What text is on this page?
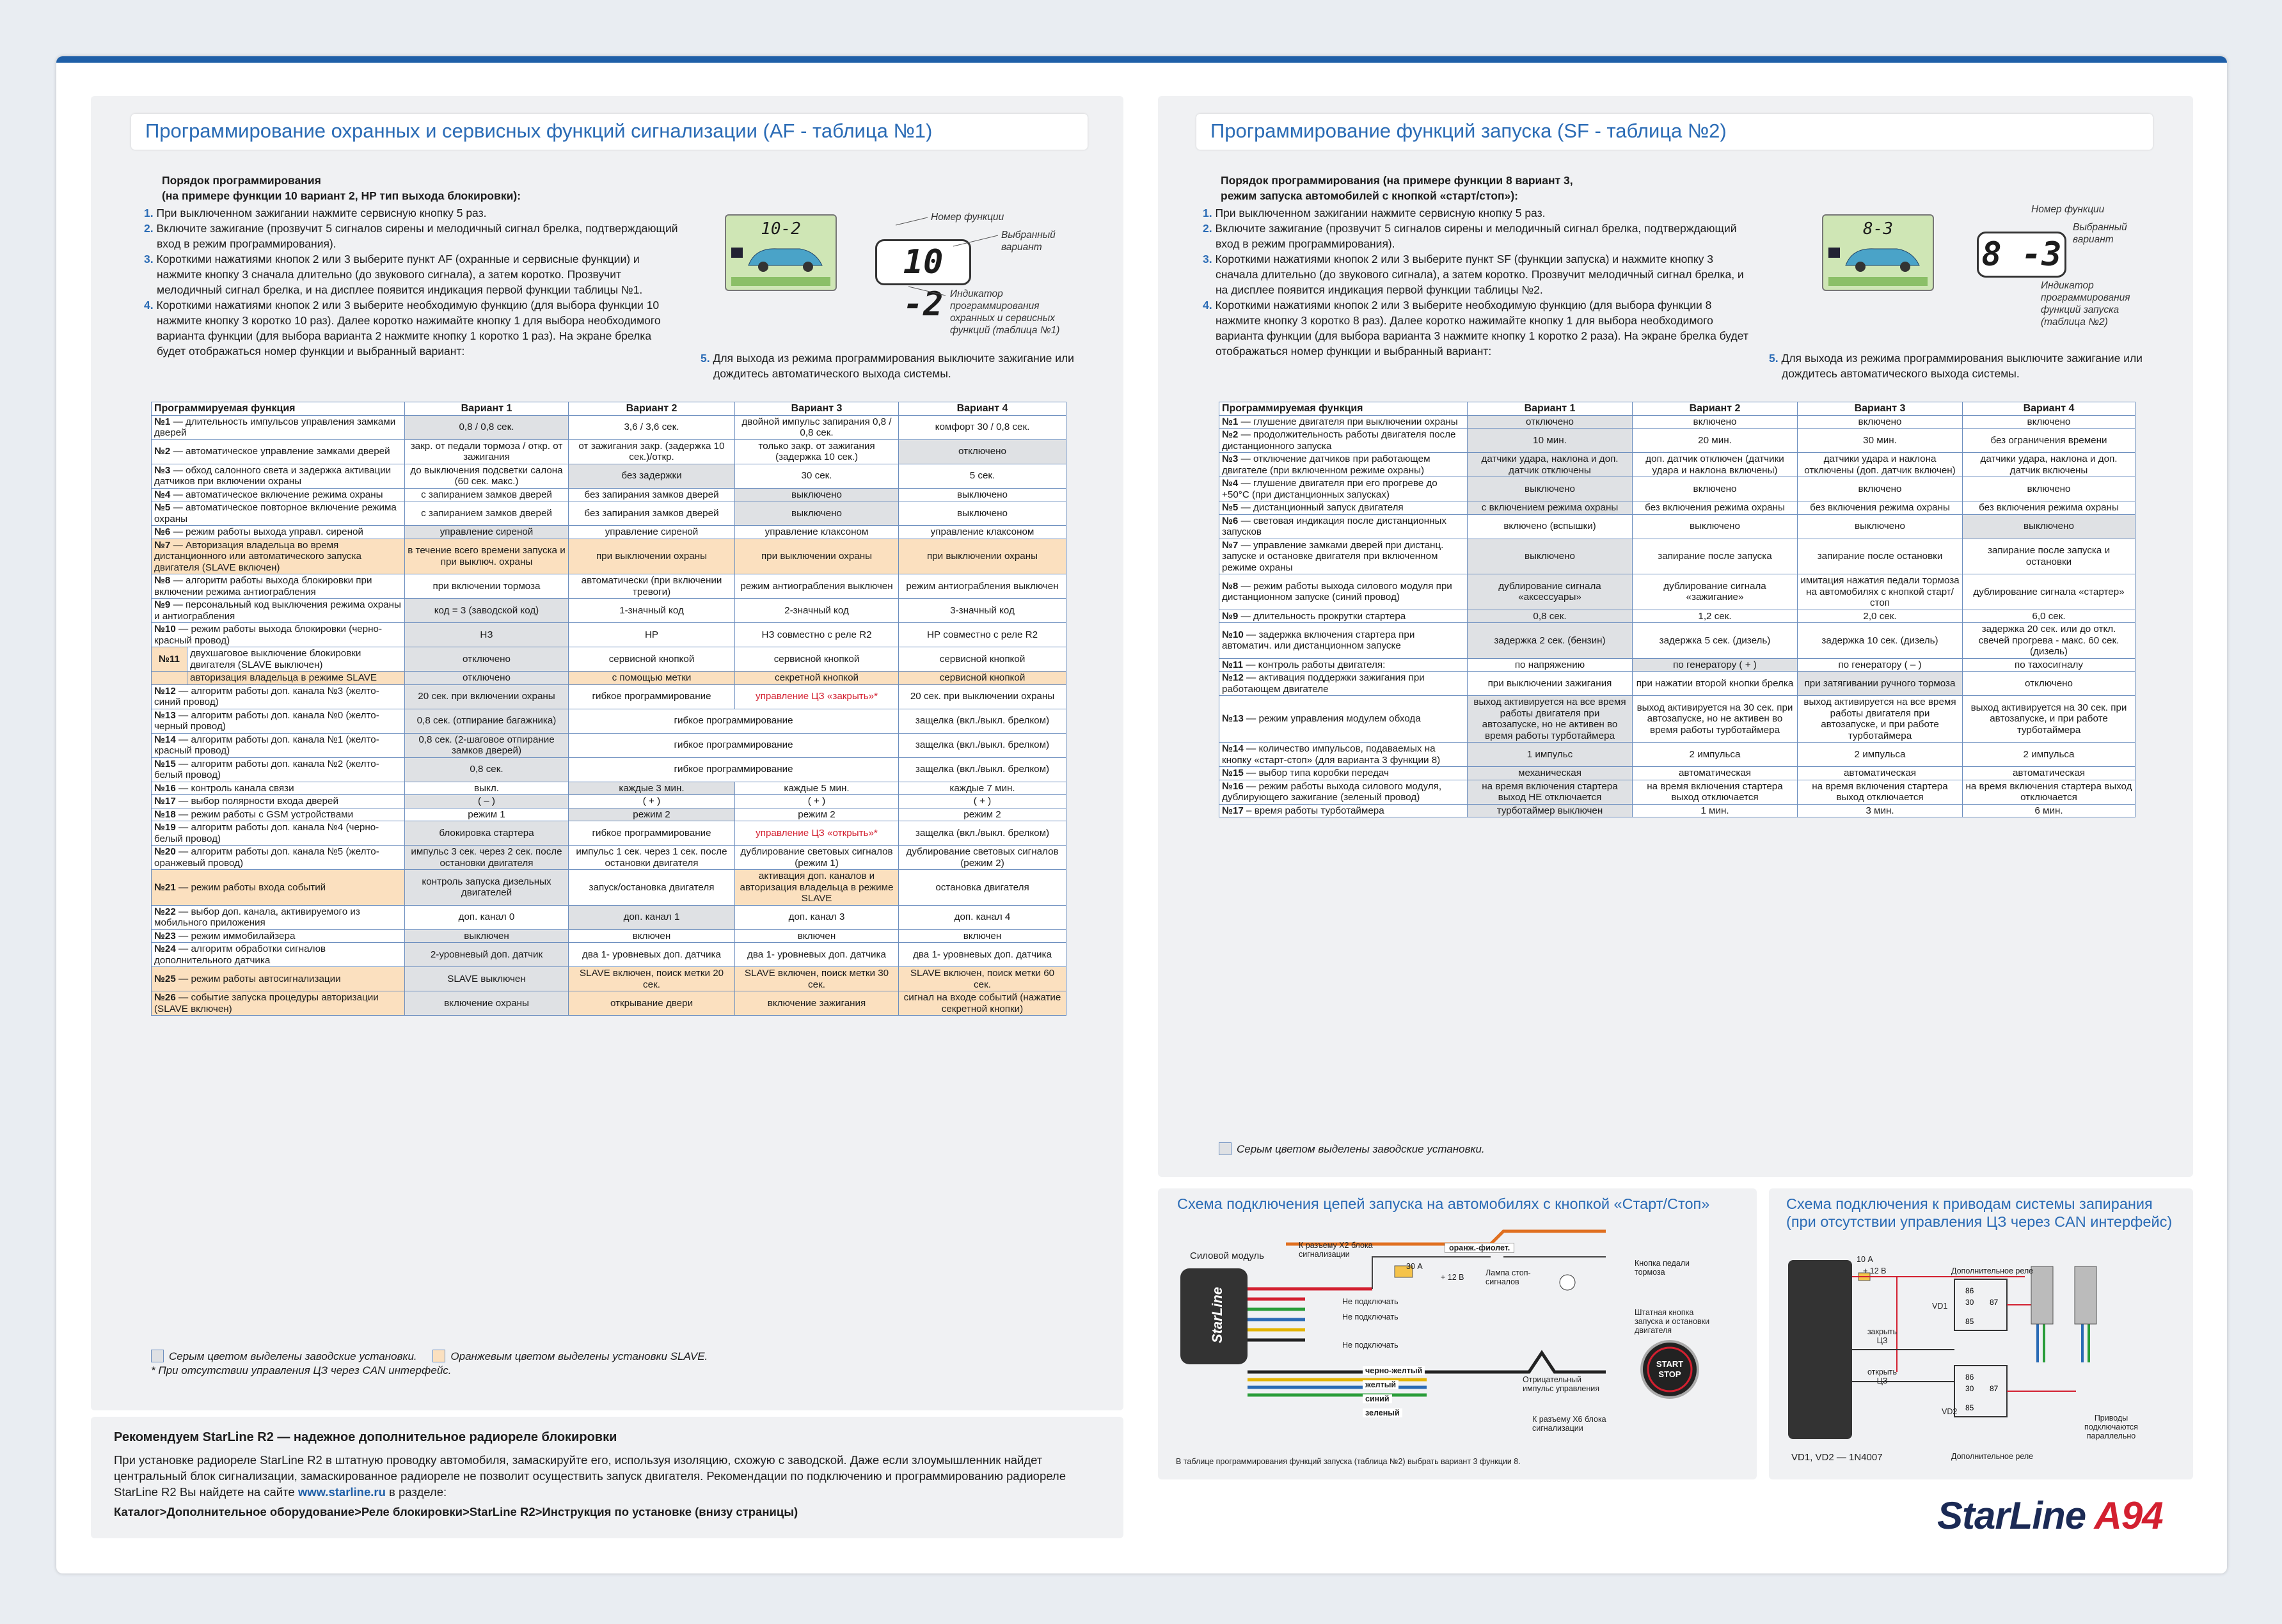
Программирование охранных и сервисных функций сигнализации (AF - таблица №1)
Порядок программирования
(на примере функции 10 вариант 2, HP тип выхода блокировки):
1. При выключенном зажигании нажмите сервисную кнопку 5 раз.
2. Включите зажигание (прозвучит 5 сигналов сирены и мелодичный сигнал брелка, подтверждающий вход в режим программирования).
3. Короткими нажатиями кнопок 2 или 3 выберите пункт AF (охранные и сервисные функции) и нажмите кнопку 3 сначала длительно (до звукового сигнала), а затем коротко. Прозвучит мелодичный сигнал брелка, и на дисплее появится индикация первой функции таблицы №1.
4. Короткими нажатиями кнопок 2 или 3 выберите необходимую функцию (для выбора функции 10 нажмите кнопку 3 коротко 10 раз). Далее коротко нажимайте кнопку 1 для выбора необходимого варианта функции (для выбора варианта 2 нажмите кнопку 1 коротко 1 раз). На экране брелка будет отображаться номер функции и выбранный вариант:
5. Для выхода из режима программирования выключите зажигание или дождитесь автоматического выхода системы.
10-2
10 -2
Номер функции
Выбранный вариант
Индикатор программирования охранных и сервисных функций (таблица №1)
Программируемая функция	Вариант 1	Вариант 2	Вариант 3	Вариант 4
№1 — длительность импульсов управления замками дверей	0,8 / 0,8 сек.	3,6 / 3,6 сек.	двойной импульс запирания 0,8 / 0,8 сек.	комфорт 30 / 0,8 сек.
№2 — автоматическое управление замками дверей	закр. от педали тормоза / откр. от зажигания	от зажигания закр. (задержка 10 сек.)/откр.	только закр. от зажигания (задержка 10 сек.)	отключено
№3 — обход салонного света и задержка активации датчиков при включении охраны	до выключения подсветки салона (60 сек. макс.)	без задержки	30 сек.	5 сек.
№4 — автоматическое включение режима охраны	с запиранием замков дверей	без запирания замков дверей	выключено	выключено
№5 — автоматическое повторное включение режима охраны	с запиранием замков дверей	без запирания замков дверей	выключено	выключено
№6 — режим работы выхода управл. сиреной	управление сиреной	управление сиреной	управление клаксоном	управление клаксоном
№7 — Авторизация владельца во время дистанционного или автоматического запуска двигателя (SLAVE включен)	в течение всего времени запуска и при выключ. охраны	при выключении охраны	при выключении охраны	при выключении охраны
№8 — алгоритм работы выхода блокировки при включении режима антиограбления	при включении тормоза	автоматически (при включении тревоги)	режим антиограбления выключен	режим антиограбления выключен
№9 — персональный код выключения режима охраны и антиограбления	код = 3 (заводской код)	1-значный код	2-значный код	3-значный код
№10 — режим работы выхода блокировки (черно-красный провод)	НЗ	НР	НЗ совместно с реле R2	НР совместно с реле R2

№11
двухшаговое выключение блокировки двигателя (SLAVE выключен)	отключено	сервисной кнопкой	сервисной кнопкой	сервисной кнопкой

авторизация владельца в режиме SLAVE	отключено	с помощью метки	секретной кнопкой	сервисной кнопкой
№12 — алгоритм работы доп. канала №3 (желто-синий провод)	20 сек. при включении охраны	гибкое программирование	управление ЦЗ «закрыть»*	20 сек. при выключении охраны
№13 — алгоритм работы доп. канала №0 (желто-черный провод)	0,8 сек. (отпирание багажника)	гибкое программирование		защелка (вкл./выкл. брелком)
№14 — алгоритм работы доп. канала №1 (желто-красный провод)	0,8 сек. (2-шаговое отпирание замков дверей)	гибкое программирование		защелка (вкл./выкл. брелком)
№15 — алгоритм работы доп. канала №2 (желто-белый провод)	0,8 сек.	гибкое программирование		защелка (вкл./выкл. брелком)
№16 — контроль канала связи	выкл.	каждые 3 мин.	каждые 5 мин.	каждые 7 мин.
№17 — выбор полярности входа дверей	( – )	( + )	( + )	( + )
№18 — режим работы с GSM устройствами	режим 1	режим 2	режим 2	режим 2
№19 — алгоритм работы доп. канала №4 (черно-белый провод)	блокировка стартера	гибкое программирование	управление ЦЗ «открыть»*	защелка (вкл./выкл. брелком)
№20 — алгоритм работы доп. канала №5 (желто-оранжевый провод)	импульс 3 сек. через 2 сек. после остановки двигателя	импульс 1 сек. через 1 сек. после остановки двигателя	дублирование световых сигналов (режим 1)	дублирование световых сигналов (режим 2)
№21 — режим работы входа событий	контроль запуска дизельных двигателей	запуск/остановка двигателя	активация доп. каналов и авторизация владельца в режиме SLAVE	остановка двигателя
№22 — выбор доп. канала, активируемого из мобильного приложения	доп. канал 0	доп. канал 1	доп. канал 3	доп. канал 4
№23 — режим иммобилайзера	выключен	включен	включен	включен
№24 — алгоритм обработки сигналов дополнительного датчика	2-уровневый доп. датчик	два 1- уровневых доп. датчика	два 1- уровневых доп. датчика	два 1- уровневых доп. датчика
№25 — режим работы автосигнализации	SLAVE выключен	SLAVE включен, поиск метки 20 сек.	SLAVE включен, поиск метки 30 сек.	SLAVE включен, поиск метки 60 сек.
№26 — событие запуска процедуры авторизации (SLAVE включен)	включение охраны	открывание двери	включение зажигания	сигнал на входе событий (нажатие секретной кнопки)
Серым цветом выделены заводские установки.	Оранжевым цветом выделены установки SLAVE.
* При отсутствии управления ЦЗ через CAN интерфейс.
Рекомендуем StarLine R2 — надежное дополнительное радиореле блокировки
При установке радиореле StarLine R2 в штатную проводку автомобиля, замаскируйте его, используя изоляцию, схожую с заводской. Даже если злоумышленник найдет центральный блок сигнализации, замаскированное радиореле не позволит осуществить запуск двигателя. Рекомендации по подключению и программированию радиореле StarLine R2 Вы найдете на сайте www.starline.ru в разделе:
Каталог>Дополнительное оборудование>Реле блокировки>StarLine R2>Инструкция по установке (внизу страницы)
Программирование функций запуска (SF - таблица №2)
Порядок программирования (на примере функции 8 вариант 3,
режим запуска автомобилей с кнопкой «старт/стоп»):
1. При выключенном зажигании нажмите сервисную кнопку 5 раз.
2. Включите зажигание (прозвучит 5 сигналов сирены и мелодичный сигнал брелка, подтверждающий вход в режим программирования).
3. Короткими нажатиями кнопок 2 или 3 выберите пункт SF (функции запуска) и нажмите кнопку 3 сначала длительно (до звукового сигнала), а затем коротко. Прозвучит мелодичный сигнал брелка, и на дисплее появится индикация первой функции таблицы №2.
4. Короткими нажатиями кнопок 2 или 3 выберите необходимую функцию (для выбора функции 8 нажмите кнопку 3 коротко 8 раз). Далее коротко нажимайте кнопку 1 для выбора необходимого варианта функции (для выбора варианта 3 нажмите кнопку 1 коротко 2 раза). На экране брелка будет отображаться номер функции и выбранный вариант:
5. Для выхода из режима программирования выключите зажигание или дождитесь автоматического выхода системы.
8-3
8 -3
Номер функции
Выбранный вариант
Индикатор программирования функций запуска (таблица №2)
Программируемая функция	Вариант 1	Вариант 2	Вариант 3	Вариант 4
№1 — глушение двигателя при выключении охраны	отключено	включено	включено	включено
№2 — продолжительность работы двигателя после дистанционного запуска	10 мин.	20 мин.	30 мин.	без ограничения времени
№3 — отключение датчиков при работающем двигателе (при включенном режиме охраны)	датчики удара, наклона и доп. датчик отключены	доп. датчик отключен (датчики удара и наклона включены)	датчики удара и наклона отключены (доп. датчик включен)	датчики удара, наклона и доп. датчик включены
№4 — глушение двигателя при его прогреве до +50°С (при дистанционных запусках)	выключено	включено	включено	включено
№5 — дистанционный запуск двигателя	с включением режима охраны	без включения режима охраны	без включения режима охраны	без включения режима охраны
№6 — световая индикация после дистанционных запусков	включено (вспышки)	выключено	выключено	выключено
№7 — управление замками дверей при дистанц. запуске и остановке двигателя при включенном режиме охраны	выключено	запирание после запуска	запирание после остановки	запирание после запуска и остановки
№8 — режим работы выхода силового модуля при дистанционном запуске (синий провод)	дублирование сигнала «аксессуары»	дублирование сигнала «зажигание»	имитация нажатия педали тормоза на автомобилях с кнопкой старт/стоп	дублирование сигнала «стартер»
№9 — длительность прокрутки стартера	0,8 сек.	1,2 сек.	2,0 сек.	6,0 сек.
№10 — задержка включения стартера при автоматич. или дистанционном запуске	задержка 2 сек. (бензин)	задержка 5 сек. (дизель)	задержка 10 сек. (дизель)	задержка 20 сек. или до откл. свечей прогрева - макс. 60 сек.(дизель)
№11 — контроль работы двигателя:	по напряжению	по генератору ( + )	по генератору ( – )	по тахосигналу
№12 — активация поддержки зажигания при работающем двигателе	при выключении зажигания	при нажатии второй кнопки брелка	при затягивании ручного тормоза	отключено
№13 — режим управления модулем обхода	выход активируется на все время работы двигателя при автозапуске, но не активен во время работы турботаймера	выход активируется на 30 сек. при автозапуске, но не активен во время работы турботаймера	выход активируется на все время работы двигателя при автозапуске, и при работе турботаймера	выход активируется на 30 сек. при автозапуске, и при работе турботаймера
№14 — количество импульсов, подаваемых на кнопку «старт-стоп» (для варианта 3 функции 8)	1 импульс	2 импульса	2 импульса	2 импульса
№15 — выбор типа коробки передач	механическая	автоматическая	автоматическая	автоматическая
№16 — режим работы выхода силового модуля, дублирующего зажигание (зеленый провод)	на время включения стартера выход НЕ отключается	на время включения стартера выход отключается	на время включения стартера выход отключается	на время включения стартера выход отключается
№17 – время работы турботаймера	турботаймер выключен	1 мин.	3 мин.	6 мин.
Серым цветом выделены заводские установки.
Схема подключения цепей запуска на автомобилях с кнопкой «Старт/Стоп»
StarLine
START
STOP
Силовой модуль
К разъему Х2 блока сигнализации
оранж.-фиолет.
30 А
+ 12 В	Лампа стоп-сигналов
Кнопка педали тормоза
Не подключать
Не подключать
Не подключать
черно-желтый
желтый
синий
зеленый
Отрицательный импульс управления
Штатная кнопка запуска и остановки двигателя
К разъему Х6 блока сигнализации
В таблице программирования функций запуска (таблица №2) выбрать вариант 3 функции 8.
Схема подключения к приводам системы запирания (при отсутствии управления ЦЗ через CAN интерфейс)
86
30 87
85
86
30 87
85
10 А
+ 12 В	Дополнительное реле
VD1
закрыть ЦЗ
открыть ЦЗ
VD2
Приводы подключаются параллельно
Дополнительное реле
VD1, VD2 — 1N4007
StarLine A94
